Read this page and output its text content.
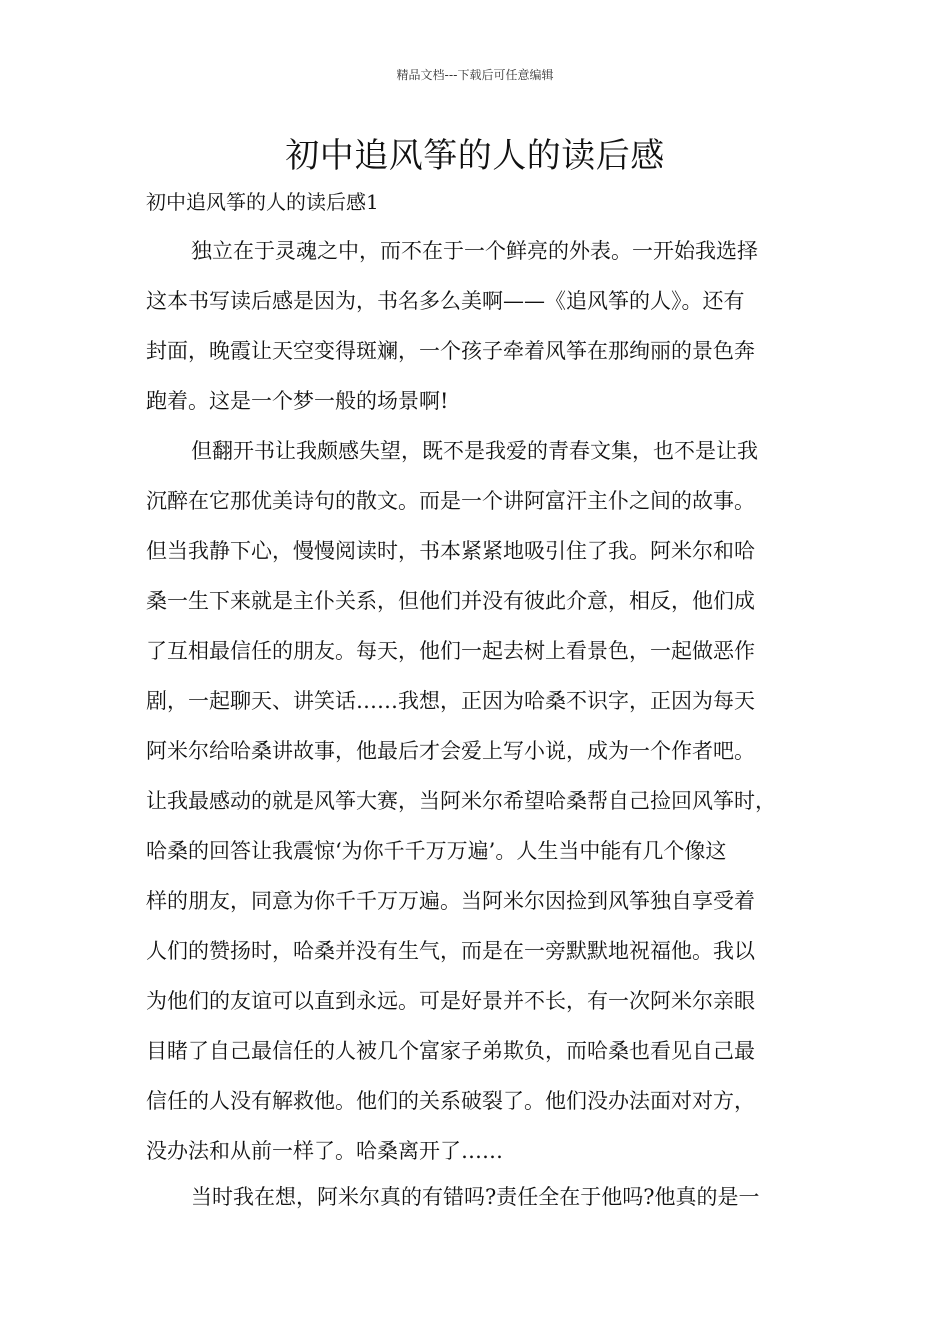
精品文档---下载后可任意编辑
初中追风筝的人的读后感
初中追风筝的人的读后感1
独立在于灵魂之中，而不在于一个鲜亮的外表。一开始我选择
这本书写读后感是因为，书名多么美啊——《追风筝的人》。还有
封面，晚霞让天空变得斑斓，一个孩子牵着风筝在那绚丽的景色奔
跑着。这是一个梦一般的场景啊!
但翻开书让我颇感失望，既不是我爱的青春文集，也不是让我
沉醉在它那优美诗句的散文。而是一个讲阿富汗主仆之间的故事。
但当我静下心，慢慢阅读时，书本紧紧地吸引住了我。阿米尔和哈
桑一生下来就是主仆关系，但他们并没有彼此介意，相反，他们成
了互相最信任的朋友。每天，他们一起去树上看景色，一起做恶作
剧，一起聊天、讲笑话……我想，正因为哈桑不识字，正因为每天
阿米尔给哈桑讲故事，他最后才会爱上写小说，成为一个作者吧。
让我最感动的就是风筝大赛，当阿米尔希望哈桑帮自己捡回风筝时，
哈桑的回答让我震惊‘为你千千万万遍’。人生当中能有几个像这
样的朋友，同意为你千千万万遍。当阿米尔因捡到风筝独自享受着
人们的赞扬时，哈桑并没有生气，而是在一旁默默地祝福他。我以
为他们的友谊可以直到永远。可是好景并不长，有一次阿米尔亲眼
目睹了自己最信任的人被几个富家子弟欺负，而哈桑也看见自己最
信任的人没有解救他。他们的关系破裂了。他们没办法面对对方，
没办法和从前一样了。哈桑离开了……
当时我在想，阿米尔真的有错吗?责任全在于他吗?他真的是一
